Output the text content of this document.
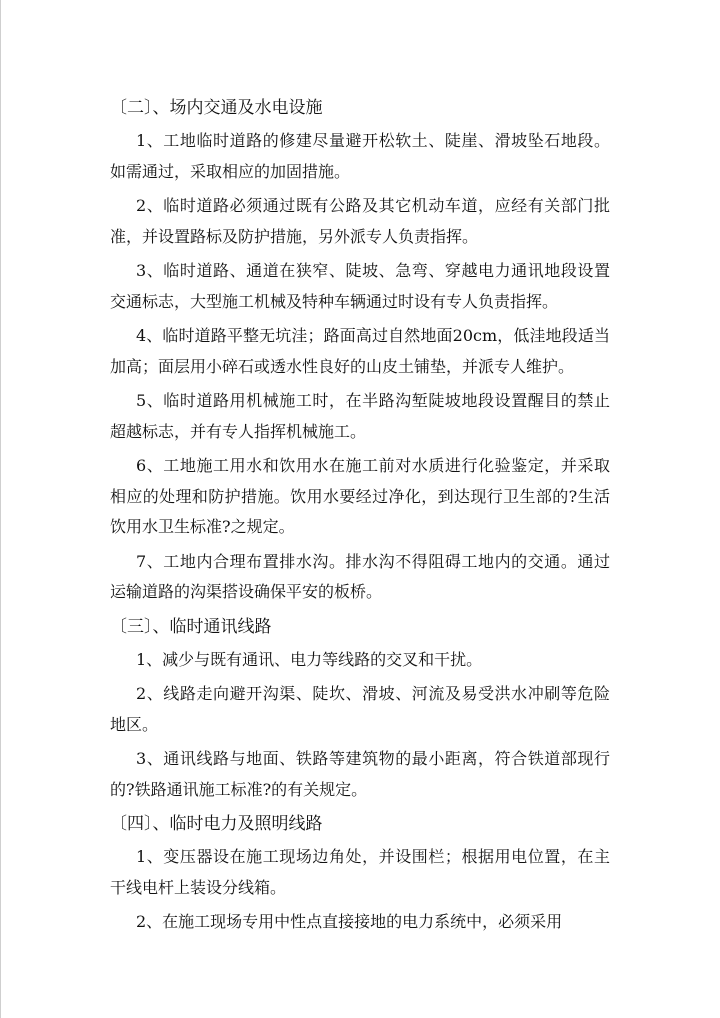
〔二〕、场内交通及水电设施

1、工地临时道路的修建尽量避开松软土、陡崖、滑坡坠石地段。如需通过，采取相应的加固措施。

2、临时道路必须通过既有公路及其它机动车道，应经有关部门批准，并设置路标及防护措施，另外派专人负责指挥。

3、临时道路、通道在狭窄、陡坡、急弯、穿越电力通讯地段设置交通标志，大型施工机械及特种车辆通过时设有专人负责指挥。

4、临时道路平整无坑洼；路面高过自然地面20cm，低洼地段适当加高；面层用小碎石或透水性良好的山皮土铺垫，并派专人维护。

5、临时道路用机械施工时，在半路沟堑陡坡地段设置醒目的禁止超越标志，并有专人指挥机械施工。

6、工地施工用水和饮用水在施工前对水质进行化验鉴定，并采取相应的处理和防护措施。饮用水要经过净化，到达现行卫生部的?生活饮用水卫生标准?之规定。

7、工地内合理布置排水沟。排水沟不得阻碍工地内的交通。通过运输道路的沟渠搭设确保平安的板桥。

〔三〕、临时通讯线路

1、减少与既有通讯、电力等线路的交叉和干扰。

2、线路走向避开沟渠、陡坎、滑坡、河流及易受洪水冲刷等危险地区。

3、通讯线路与地面、铁路等建筑物的最小距离，符合铁道部现行的?铁路通讯施工标准?的有关规定。

〔四〕、临时电力及照明线路

1、变压器设在施工现场边角处，并设围栏；根据用电位置，在主干线电杆上装设分线箱。

2、在施工现场专用中性点直接接地的电力系统中，必须采用
